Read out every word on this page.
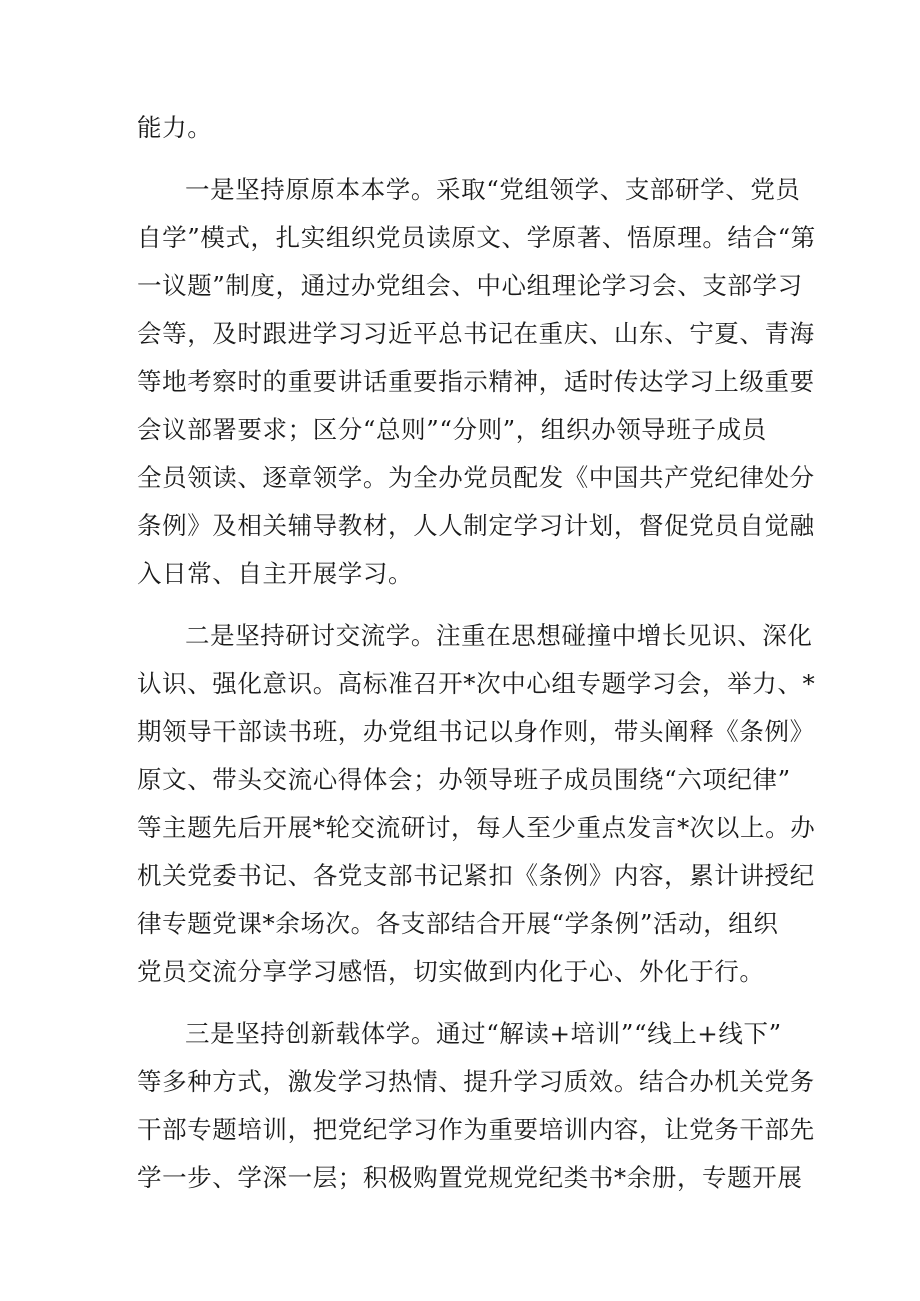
能力。
一是坚持原原本本学。采取“党组领学、支部研学、党员
自学”模式，扎实组织党员读原文、学原著、悟原理。结合“第
一议题”制度，通过办党组会、中心组理论学习会、支部学习
会等，及时跟进学习习近平总书记在重庆、山东、宁夏、青海
等地考察时的重要讲话重要指示精神，适时传达学习上级重要
会议部署要求；区分“总则”“分则”，组织办领导班子成员
全员领读、逐章领学。为全办党员配发《中国共产党纪律处分
条例》及相关辅导教材，人人制定学习计划，督促党员自觉融
入日常、自主开展学习。
二是坚持研讨交流学。注重在思想碰撞中增长见识、深化
认识、强化意识。高标准召开*次中心组专题学习会，举力、*
期领导干部读书班，办党组书记以身作则，带头阐释《条例》
原文、带头交流心得体会；办领导班子成员围绕“六项纪律”
等主题先后开展*轮交流研讨，每人至少重点发言*次以上。办
机关党委书记、各党支部书记紧扣《条例》内容，累计讲授纪
律专题党课*余场次。各支部结合开展“学条例”活动，组织
党员交流分享学习感悟，切实做到内化于心、外化于行。
三是坚持创新载体学。通过“解读+培训”“线上+线下”
等多种方式，激发学习热情、提升学习质效。结合办机关党务
干部专题培训，把党纪学习作为重要培训内容，让党务干部先
学一步、学深一层；积极购置党规党纪类书*余册，专题开展
